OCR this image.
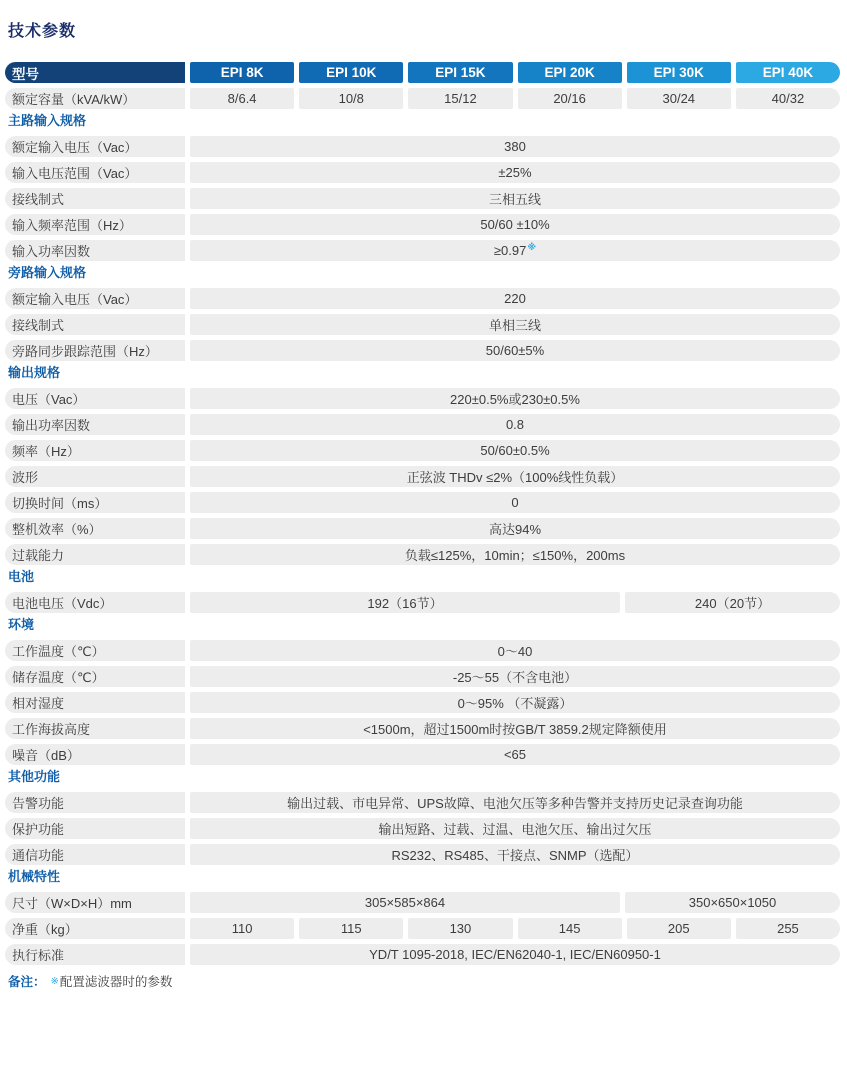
技术参数
型号	EPI 8K	EPI 10K	EPI 15K	EPI 20K	EPI 30K	EPI 40K
额定容量（kVA/kW）	8/6.4	10/8	15/12	20/16	30/24	40/32
主路输入规格
额定输入电压（Vac）	380
输入电压范围（Vac）	±25%
接线制式	三相五线
输入频率范围（Hz）	50/60 ±10%
输入功率因数	≥0.97※
旁路输入规格
额定输入电压（Vac）	220
接线制式	单相三线
旁路同步跟踪范围（Hz）	50/60±5%
输出规格
电压（Vac）	220±0.5%或230±0.5%
输出功率因数	0.8
频率（Hz）	50/60±0.5%
波形	正弦波 THDv ≤2%（100%线性负载）
切换时间（ms）	0
整机效率（%）	高达94%
过载能力	负载≤125%，10min；≤150%，200ms
电池
电池电压（Vdc）	192（16节）	240（20节）
环境
工作温度（℃）	0～40
储存温度（℃）	-25～55（不含电池）
相对湿度	0～95% （不凝露）
工作海拔高度	<1500m，超过1500m时按GB/T 3859.2规定降额使用
噪音（dB）	<65
其他功能
告警功能	输出过载、市电异常、UPS故障、电池欠压等多种告警并支持历史记录查询功能
保护功能	输出短路、过载、过温、电池欠压、输出过欠压
通信功能	RS232、RS485、干接点、SNMP（选配）
机械特性
尺寸（W×D×H）mm	305×585×864	350×650×1050
净重（kg）	110	115	130	145	205	255
执行标准	YD/T 1095-2018, IEC/EN62040-1, IEC/EN60950-1
备注： ※配置滤波器时的参数
